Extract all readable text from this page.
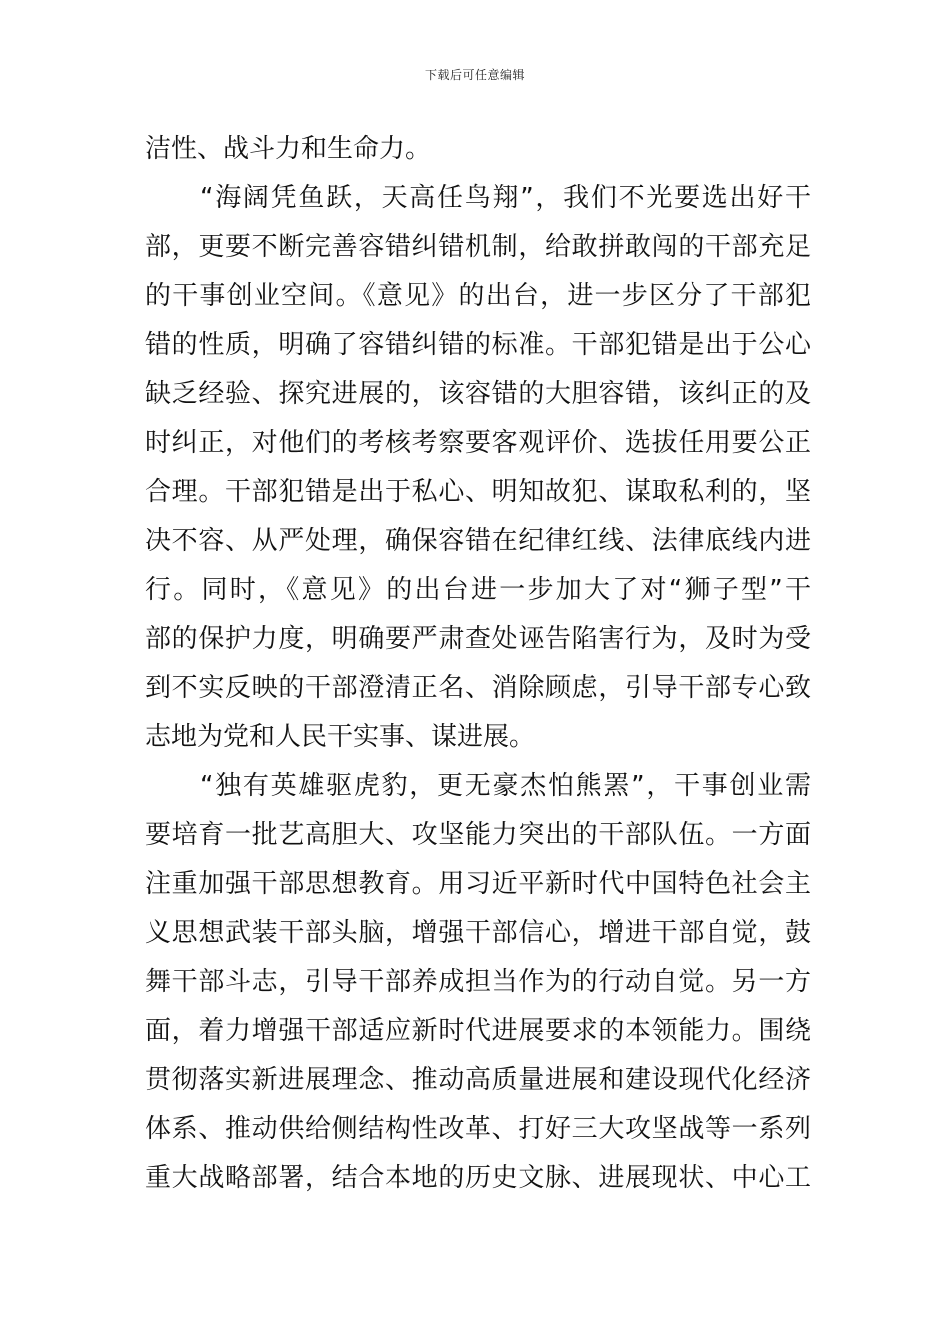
下载后可任意编辑
洁性、战斗力和生命力。
“海阔凭鱼跃，天高任鸟翔”，我们不光要选出好干
部，更要不断完善容错纠错机制，给敢拼敢闯的干部充足
的干事创业空间。《意见》的出台，进一步区分了干部犯
错的性质，明确了容错纠错的标准。干部犯错是出于公心
缺乏经验、探究进展的，该容错的大胆容错，该纠正的及
时纠正，对他们的考核考察要客观评价、选拔任用要公正
合理。干部犯错是出于私心、明知故犯、谋取私利的，坚
决不容、从严处理，确保容错在纪律红线、法律底线内进
行。同时，《意见》的出台进一步加大了对“狮子型”干
部的保护力度，明确要严肃查处诬告陷害行为，及时为受
到不实反映的干部澄清正名、消除顾虑，引导干部专心致
志地为党和人民干实事、谋进展。
“独有英雄驱虎豹，更无豪杰怕熊罴”，干事创业需
要培育一批艺高胆大、攻坚能力突出的干部队伍。一方面
注重加强干部思想教育。用习近平新时代中国特色社会主
义思想武装干部头脑，增强干部信心，增进干部自觉，鼓
舞干部斗志，引导干部养成担当作为的行动自觉。另一方
面，着力增强干部适应新时代进展要求的本领能力。围绕
贯彻落实新进展理念、推动高质量进展和建设现代化经济
体系、推动供给侧结构性改革、打好三大攻坚战等一系列
重大战略部署，结合本地的历史文脉、进展现状、中心工
